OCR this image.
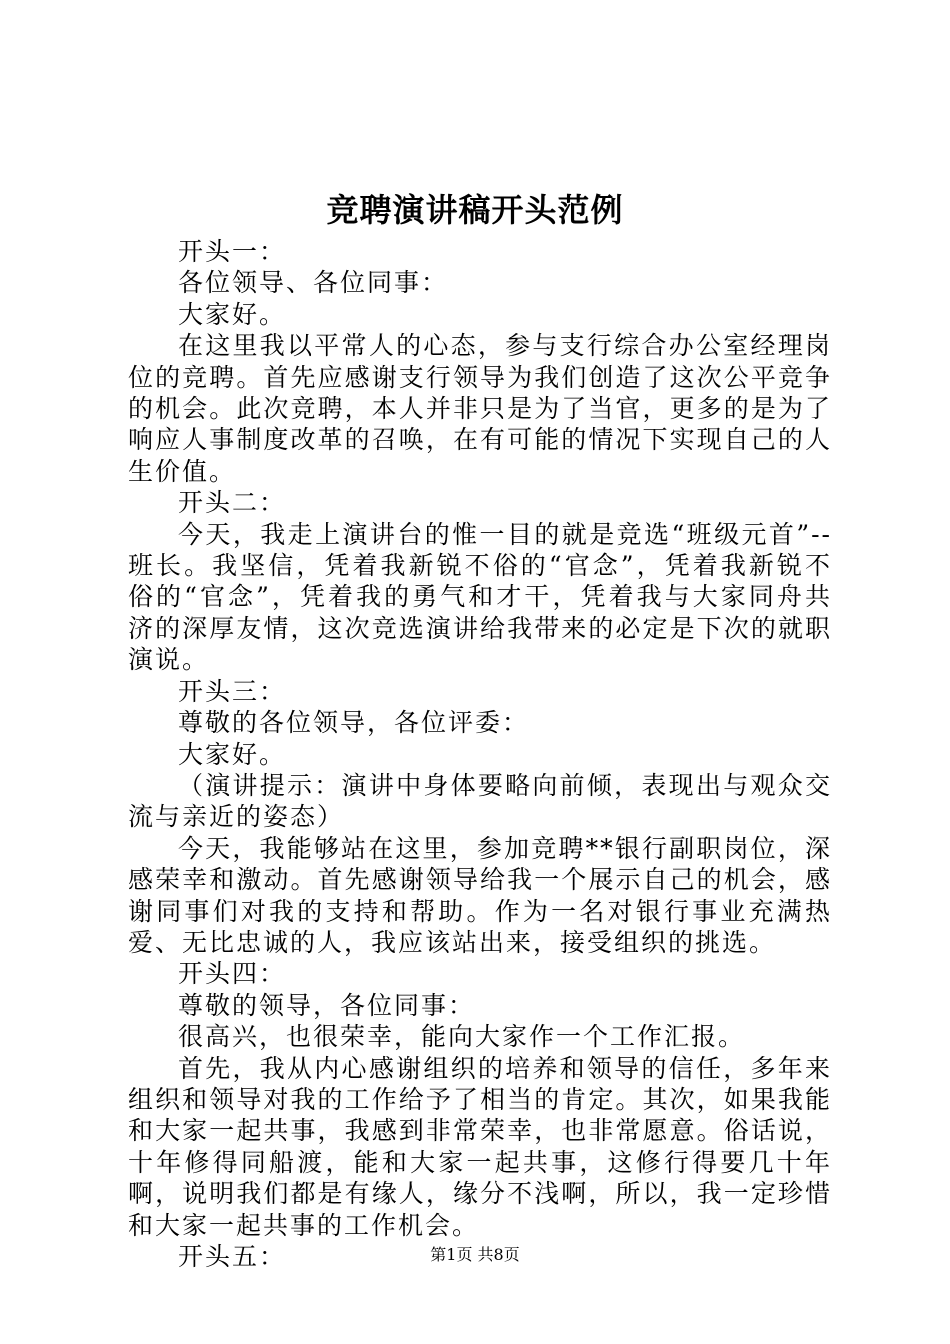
竞聘演讲稿开头范例

开头一：

各位领导、各位同事：

大家好。

在这里我以平常人的心态，参与支行综合办公室经理岗位的竞聘。首先应感谢支行领导为我们创造了这次公平竞争的机会。此次竞聘，本人并非只是为了当官，更多的是为了响应人事制度改革的召唤，在有可能的情况下实现自己的人生价值。

开头二：

今天，我走上演讲台的惟一目的就是竞选“班级元首”--班长。我坚信，凭着我新锐不俗的“官念”，凭着我新锐不俗的“官念”，凭着我的勇气和才干，凭着我与大家同舟共济的深厚友情，这次竞选演讲给我带来的必定是下次的就职演说。

开头三：

尊敬的各位领导，各位评委：

大家好。

（演讲提示：演讲中身体要略向前倾，表现出与观众交流与亲近的姿态）

今天，我能够站在这里，参加竞聘**银行副职岗位，深感荣幸和激动。首先感谢领导给我一个展示自己的机会，感谢同事们对我的支持和帮助。作为一名对银行事业充满热爱、无比忠诚的人，我应该站出来，接受组织的挑选。

开头四：

尊敬的领导，各位同事：

很高兴，也很荣幸，能向大家作一个工作汇报。

首先，我从内心感谢组织的培养和领导的信任，多年来组织和领导对我的工作给予了相当的肯定。其次，如果我能和大家一起共事，我感到非常荣幸，也非常愿意。俗话说，十年修得同船渡，能和大家一起共事，这修行得要几十年啊，说明我们都是有缘人，缘分不浅啊，所以，我一定珍惜和大家一起共事的工作机会。

开头五：	第1页 共8页
